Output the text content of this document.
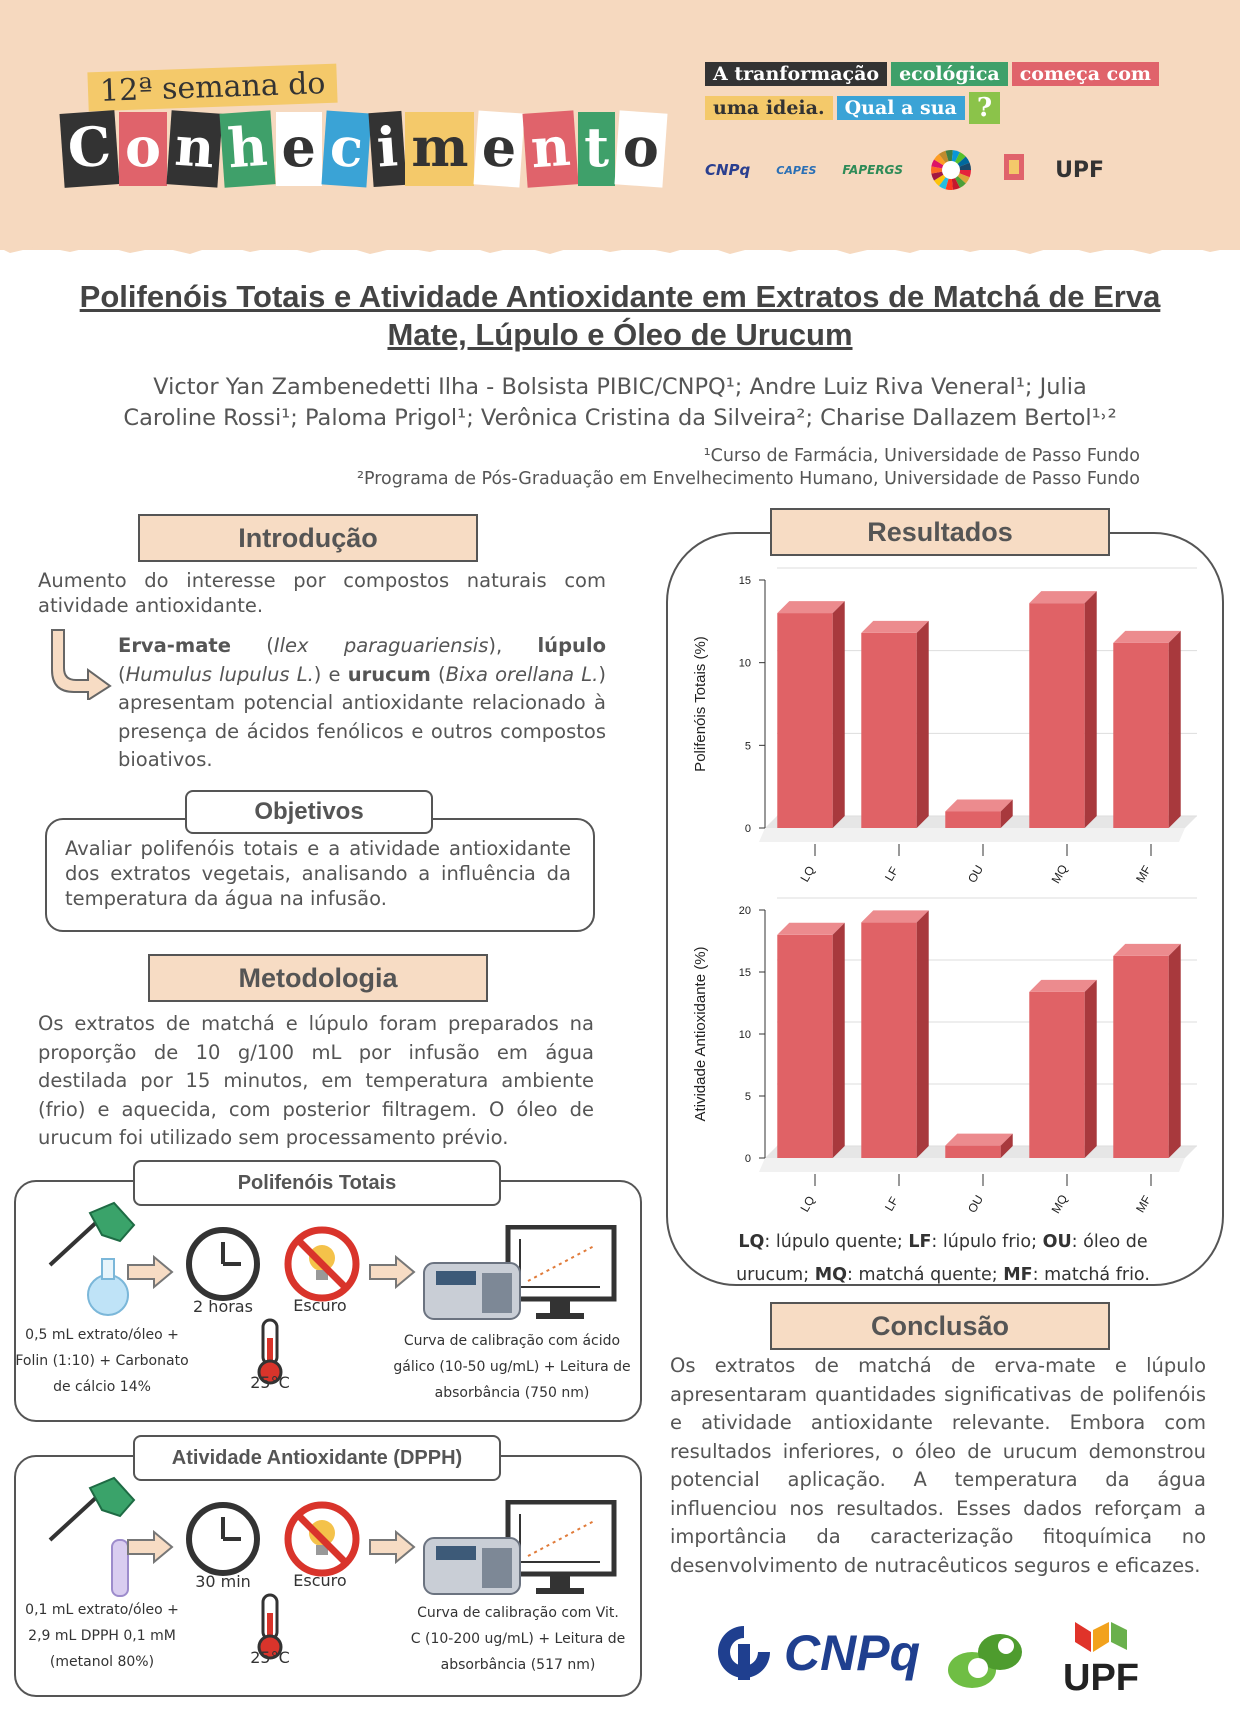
12ª semana do
C o n h e c i m e n t o
A tranformação	ecológica	começa com
uma ideia.	Qual a sua ?
CNPq CAPES FAPERGS	UPF
Polifenóis Totais e Atividade Antioxidante em Extratos de Matchá de Erva Mate, Lúpulo e Óleo de Urucum
Victor Yan Zambenedetti Ilha - Bolsista PIBIC/CNPQ¹; Andre Luiz Riva Veneral¹; Julia
Caroline Rossi¹; Paloma Prigol¹; Verônica Cristina da Silveira²; Charise Dallazem Bertol¹˒²
¹Curso de Farmácia, Universidade de Passo Fundo
²Programa de Pós-Graduação em Envelhecimento Humano, Universidade de Passo Fundo
Introdução
Aumento do interesse por compostos naturais com atividade antioxidante.
Erva-mate (Ilex paraguariensis), lúpulo (Humulus lupulus L.) e urucum (Bixa orellana L.) apresentam potencial antioxidante relacionado à presença de ácidos fenólicos e outros compostos bioativos.
Objetivos
Avaliar polifenóis totais e a atividade antioxidante dos extratos vegetais, analisando a influência da temperatura da água na infusão.
Metodologia
Os extratos de matchá e lúpulo foram preparados na proporção de 10 g/100 mL por infusão em água destilada por 15 minutos, em temperatura ambiente (frio) e aquecida, com posterior filtragem. O óleo de urucum foi utilizado sem processamento prévio.
Polifenóis Totais
Atividade Antioxidante (DPPH)
0,5 mL extrato/óleo +
Folin (1:10) + Carbonato
de cálcio 14%
2 horas	Escuro
25°C
Curva de calibração com ácido
gálico (10-50 ug/mL) + Leitura de
absorbância (750 nm)
0,1 mL extrato/óleo +
2,9 mL DPPH 0,1 mM
(metanol 80%)
30 min	Escuro
25°C
Curva de calibração com Vit.
C (10-200 ug/mL) + Leitura de
absorbância (517 nm)
Resultados
0
5
10
15
Polifenóis Totais (%)
LQ	LF	OU	MQ	MF
0
5
10
15
20
Atividade Antioxidante (%)
LQ	LF	OU	MQ	MF
LQ: lúpulo quente; LF: lúpulo frio; OU: óleo de
urucum; MQ: matchá quente; MF: matchá frio.
Conclusão
Os extratos de matchá de erva-mate e lúpulo apresentaram quantidades significativas de polifenóis e atividade antioxidante relevante. Embora com resultados inferiores, o óleo de urucum demonstrou potencial aplicação. A temperatura da água influenciou nos resultados. Esses dados reforçam a importância da caracterização fitoquímica no desenvolvimento de nutracêuticos seguros e eficazes.
CNPq	UPF
